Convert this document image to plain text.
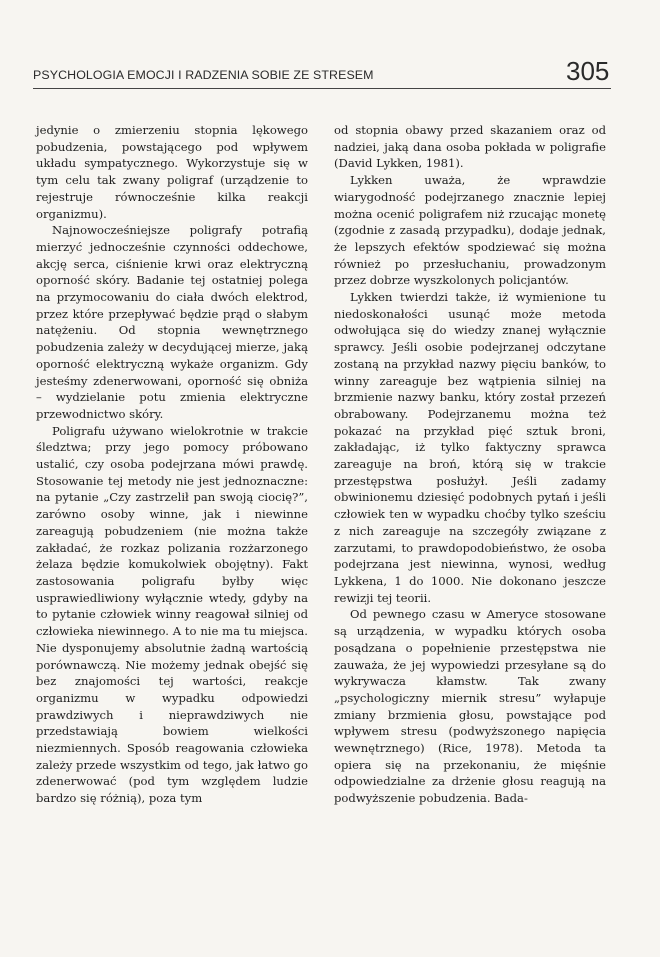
PSYCHOLOGIA EMOCJI I RADZENIA SOBIE ZE STRESEM	305

jedynie o zmierzeniu stopnia lękowego pobudzenia, powstającego pod wpływem układu sympatycznego. Wykorzystuje się w tym celu tak zwany poligraf (urządzenie to rejestruje równocześnie kilka reakcji organizmu).

Najnowocześniejsze poligrafy potrafią mierzyć jednocześnie czynności oddechowe, akcję serca, ciśnienie krwi oraz elektryczną oporność skóry. Badanie tej ostatniej polega na przymocowaniu do ciała dwóch elektrod, przez które przepływać będzie prąd o słabym natężeniu. Od stopnia wewnętrznego pobudzenia zależy w decydującej mierze, jaką oporność elektryczną wykaże organizm. Gdy jesteśmy zdenerwowani, oporność się obniża – wydzielanie potu zmienia elektryczne przewodnictwo skóry.

Poligrafu używano wielokrotnie w trakcie śledztwa; przy jego pomocy próbowano ustalić, czy osoba podejrzana mówi prawdę. Stosowanie tej metody nie jest jednoznaczne: na pytanie „Czy zastrzelił pan swoją ciocię?”, zarówno osoby winne, jak i niewinne zareagują pobudzeniem (nie można także zakładać, że rozkaz polizania rozżarzonego żelaza będzie komukolwiek obojętny). Fakt zastosowania poligrafu byłby więc usprawiedliwiony wyłącznie wtedy, gdyby na to pytanie człowiek winny reagował silniej od człowieka niewinnego. A to nie ma tu miejsca. Nie dysponujemy absolutnie żadną wartością porównawczą. Nie możemy jednak obejść się bez znajomości tej wartości, reakcje organizmu w wypadku odpowiedzi prawdziwych i nieprawdziwych nie przedstawiają bowiem wielkości niezmiennych. Sposób reagowania człowieka zależy przede wszystkim od tego, jak łatwo go zdenerwować (pod tym względem ludzie bardzo się różnią), poza tym

od stopnia obawy przed skazaniem oraz od nadziei, jaką dana osoba pokłada w poligrafie (David Lykken, 1981).

Lykken uważa, że wprawdzie wiarygodność podejrzanego znacznie lepiej można ocenić poligrafem niż rzucając monetę (zgodnie z zasadą przypadku), dodaje jednak, że lepszych efektów spodziewać się można również po przesłuchaniu, prowadzonym przez dobrze wyszkolonych policjantów.

Lykken twierdzi także, iż wymienione tu niedoskonałości usunąć może metoda odwołująca się do wiedzy znanej wyłącznie sprawcy. Jeśli osobie podejrzanej odczytane zostaną na przykład nazwy pięciu banków, to winny zareaguje bez wątpienia silniej na brzmienie nazwy banku, który został przezeń obrabowany. Podejrzanemu można też pokazać na przykład pięć sztuk broni, zakładając, iż tylko faktyczny sprawca zareaguje na broń, którą się w trakcie przestępstwa posłużył. Jeśli zadamy obwinionemu dziesięć podobnych pytań i jeśli człowiek ten w wypadku choćby tylko sześciu z nich zareaguje na szczegóły związane z zarzutami, to prawdopodobieństwo, że osoba podejrzana jest niewinna, wynosi, według Lykkena, 1 do 1000. Nie dokonano jeszcze rewizji tej teorii.

Od pewnego czasu w Ameryce stosowane są urządzenia, w wypadku których osoba posądzana o popełnienie przestępstwa nie zauważa, że jej wypowiedzi przesyłane są do wykrywacza kłamstw. Tak zwany „psychologiczny miernik stresu” wyłapuje zmiany brzmienia głosu, powstające pod wpływem stresu (podwyższonego napięcia wewnętrznego) (Rice, 1978). Metoda ta opiera się na przekonaniu, że mięśnie odpowiedzialne za drżenie głosu reagują na podwyższenie pobudzenia. Bada-
